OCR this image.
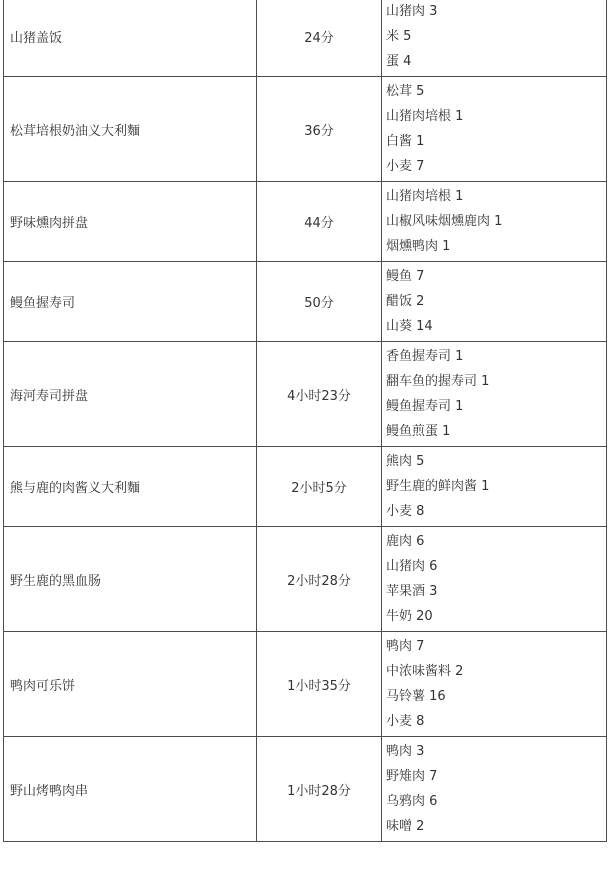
山猪盖饭	24分	山猪肉 3
米 5
蛋 4

松茸培根奶油义大利麵	36分	松茸 5
山猪肉培根 1
白酱 1
小麦 7

野味燻肉拼盘	44分	山猪肉培根 1
山椒风味烟燻鹿肉 1
烟燻鸭肉 1

鳗鱼握寿司	50分	鳗鱼 7
醋饭 2
山葵 14

海河寿司拼盘	4小时23分	香鱼握寿司 1
翻车鱼的握寿司 1
鳗鱼握寿司 1
鳗鱼煎蛋 1

熊与鹿的肉酱义大利麵	2小时5分	熊肉 5
野生鹿的鲜肉酱 1
小麦 8

野生鹿的黑血肠	2小时28分	鹿肉 6
山猪肉 6
苹果酒 3
牛奶 20

鸭肉可乐饼	1小时35分	鸭肉 7
中浓味酱料 2
马铃薯 16
小麦 8

野山烤鸭肉串	1小时28分	鸭肉 3
野雉肉 7
乌鸦肉 6
味噌 2
